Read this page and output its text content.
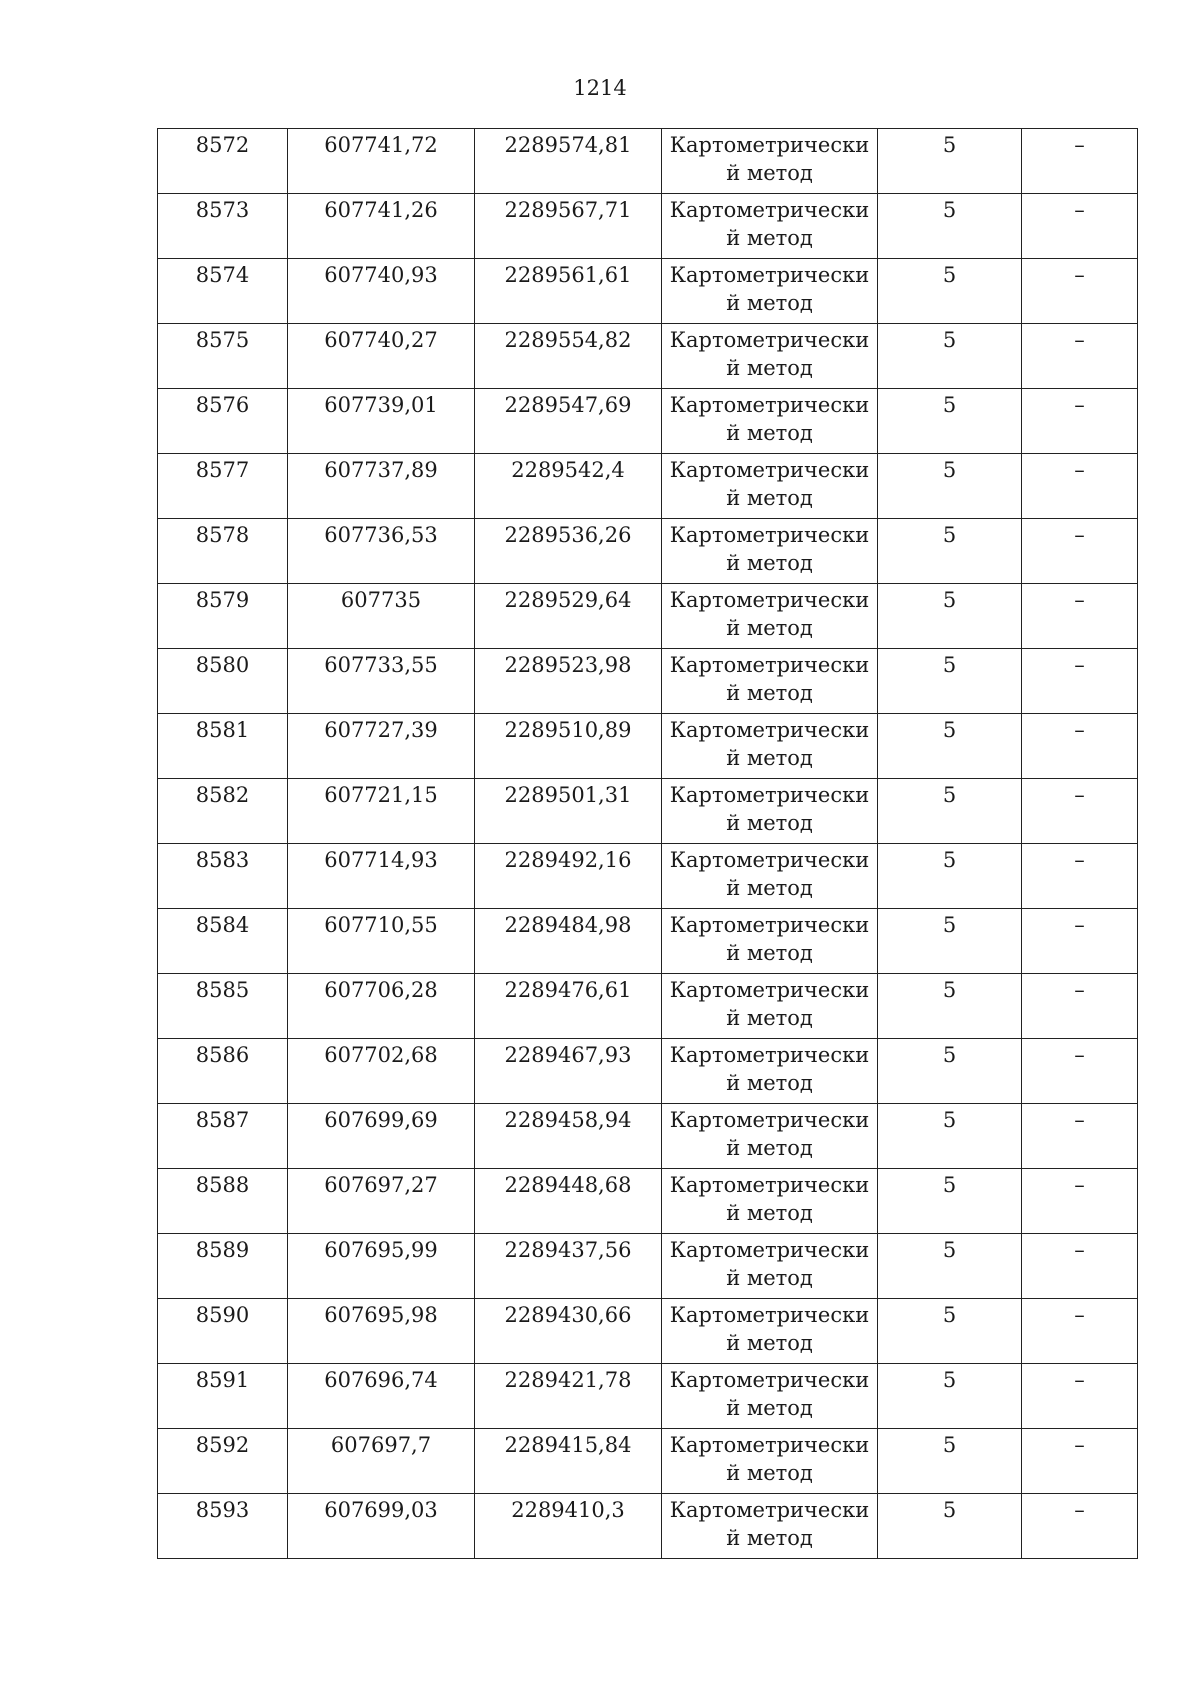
1214
8572	607741,72	2289574,81	Картометрически
й метод	5	–
8573	607741,26	2289567,71	Картометрически
й метод	5	–
8574	607740,93	2289561,61	Картометрически
й метод	5	–
8575	607740,27	2289554,82	Картометрически
й метод	5	–
8576	607739,01	2289547,69	Картометрически
й метод	5	–
8577	607737,89	2289542,4	Картометрически
й метод	5	–
8578	607736,53	2289536,26	Картометрически
й метод	5	–
8579	607735	2289529,64	Картометрически
й метод	5	–
8580	607733,55	2289523,98	Картометрически
й метод	5	–
8581	607727,39	2289510,89	Картометрически
й метод	5	–
8582	607721,15	2289501,31	Картометрически
й метод	5	–
8583	607714,93	2289492,16	Картометрически
й метод	5	–
8584	607710,55	2289484,98	Картометрически
й метод	5	–
8585	607706,28	2289476,61	Картометрически
й метод	5	–
8586	607702,68	2289467,93	Картометрически
й метод	5	–
8587	607699,69	2289458,94	Картометрически
й метод	5	–
8588	607697,27	2289448,68	Картометрически
й метод	5	–
8589	607695,99	2289437,56	Картометрически
й метод	5	–
8590	607695,98	2289430,66	Картометрически
й метод	5	–
8591	607696,74	2289421,78	Картометрически
й метод	5	–
8592	607697,7	2289415,84	Картометрически
й метод	5	–
8593	607699,03	2289410,3	Картометрически
й метод	5	–
